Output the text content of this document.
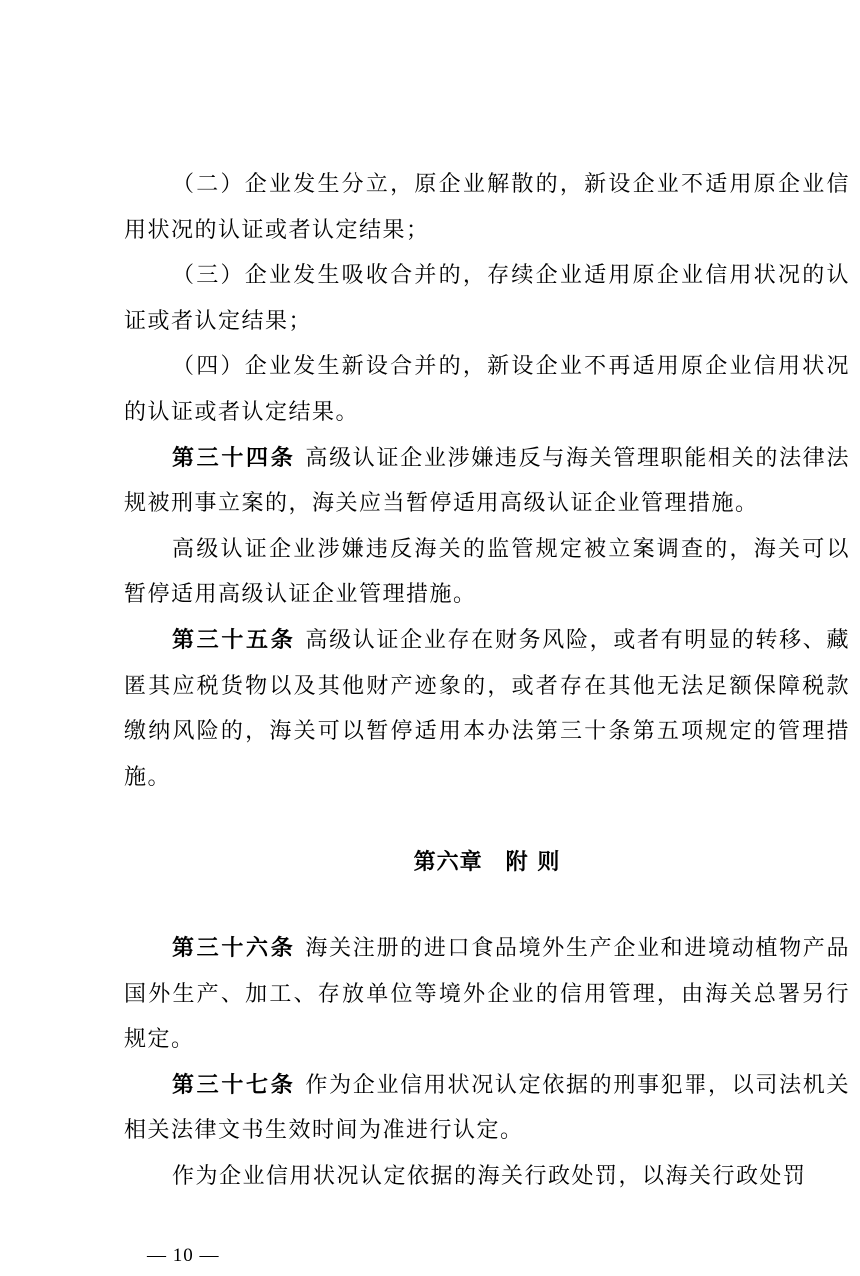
（二）企业发生分立，原企业解散的，新设企业不适用原企业信用状况的认证或者认定结果；

（三）企业发生吸收合并的，存续企业适用原企业信用状况的认证或者认定结果；

（四）企业发生新设合并的，新设企业不再适用原企业信用状况的认证或者认定结果。

第三十四条 高级认证企业涉嫌违反与海关管理职能相关的法律法规被刑事立案的，海关应当暂停适用高级认证企业管理措施。

高级认证企业涉嫌违反海关的监管规定被立案调查的，海关可以暂停适用高级认证企业管理措施。

第三十五条 高级认证企业存在财务风险，或者有明显的转移、藏匿其应税货物以及其他财产迹象的，或者存在其他无法足额保障税款缴纳风险的，海关可以暂停适用本办法第三十条第五项规定的管理措施。

第六章　附 则

第三十六条 海关注册的进口食品境外生产企业和进境动植物产品国外生产、加工、存放单位等境外企业的信用管理，由海关总署另行规定。

第三十七条 作为企业信用状况认定依据的刑事犯罪，以司法机关相关法律文书生效时间为准进行认定。

作为企业信用状况认定依据的海关行政处罚，以海关行政处罚

— 10 —
